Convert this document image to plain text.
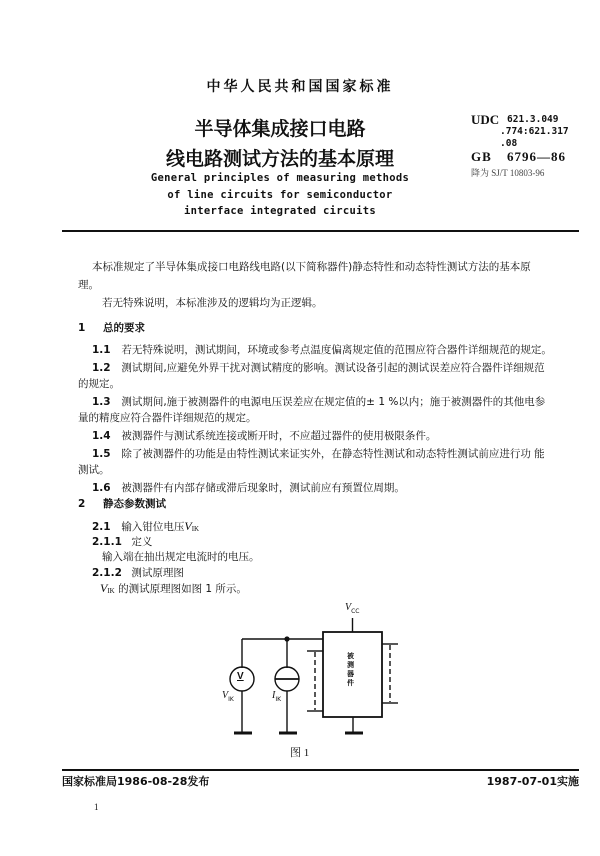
中华人民共和国国家标准
半导体集成接口电路
线电路测试方法的基本原理
General principles of measuring methods
of line circuits for semiconductor
interface integrated circuits
UDC 621.3.049
.774:621.317
.08
GB 6796—86
降为 SJ/T 10803-96
本标准规定了半导体集成接口电路线电路(以下简称器件)静态特性和动态特性测试方法的基本原
理。
若无特殊说明，本标准涉及的逻辑均为正逻辑。
1 总的要求
1.1 若无特殊说明，测试期间，环境或参考点温度偏离规定值的范围应符合器件详细规范的规定。
1.2 测试期间,应避免外界干扰对测试精度的影响。测试设备引起的测试误差应符合器件详细规范
的规定。
1.3 测试期间,施于被测器件的电源电压误差应在规定值的± 1 %以内；施于被测器件的其他电参
量的精度应符合器件详细规范的规定。
1.4 被测器件与测试系统连接或断开时，不应超过器件的使用极限条件。
1.5 除了被测器件的功能是由特性测试来证实外，在静态特性测试和动态特性测试前应进行功 能
测试。
1.6 被测器件有内部存储或滞后现象时，测试前应有预置位周期。
2 静态参数测试
2.1 输入钳位电压$V_{IK}$
2.1.1 定义
输入端在抽出规定电流时的电压。
2.1.2 测试原理图
$V_{IK}$ 的测试原理图如图 1 所示。
$V_{CC}$
V
$V_{IK}$	$I_{IK}$
被测器件
图 1
国家标准局1986-08-28发布	1987-07-01实施
1
